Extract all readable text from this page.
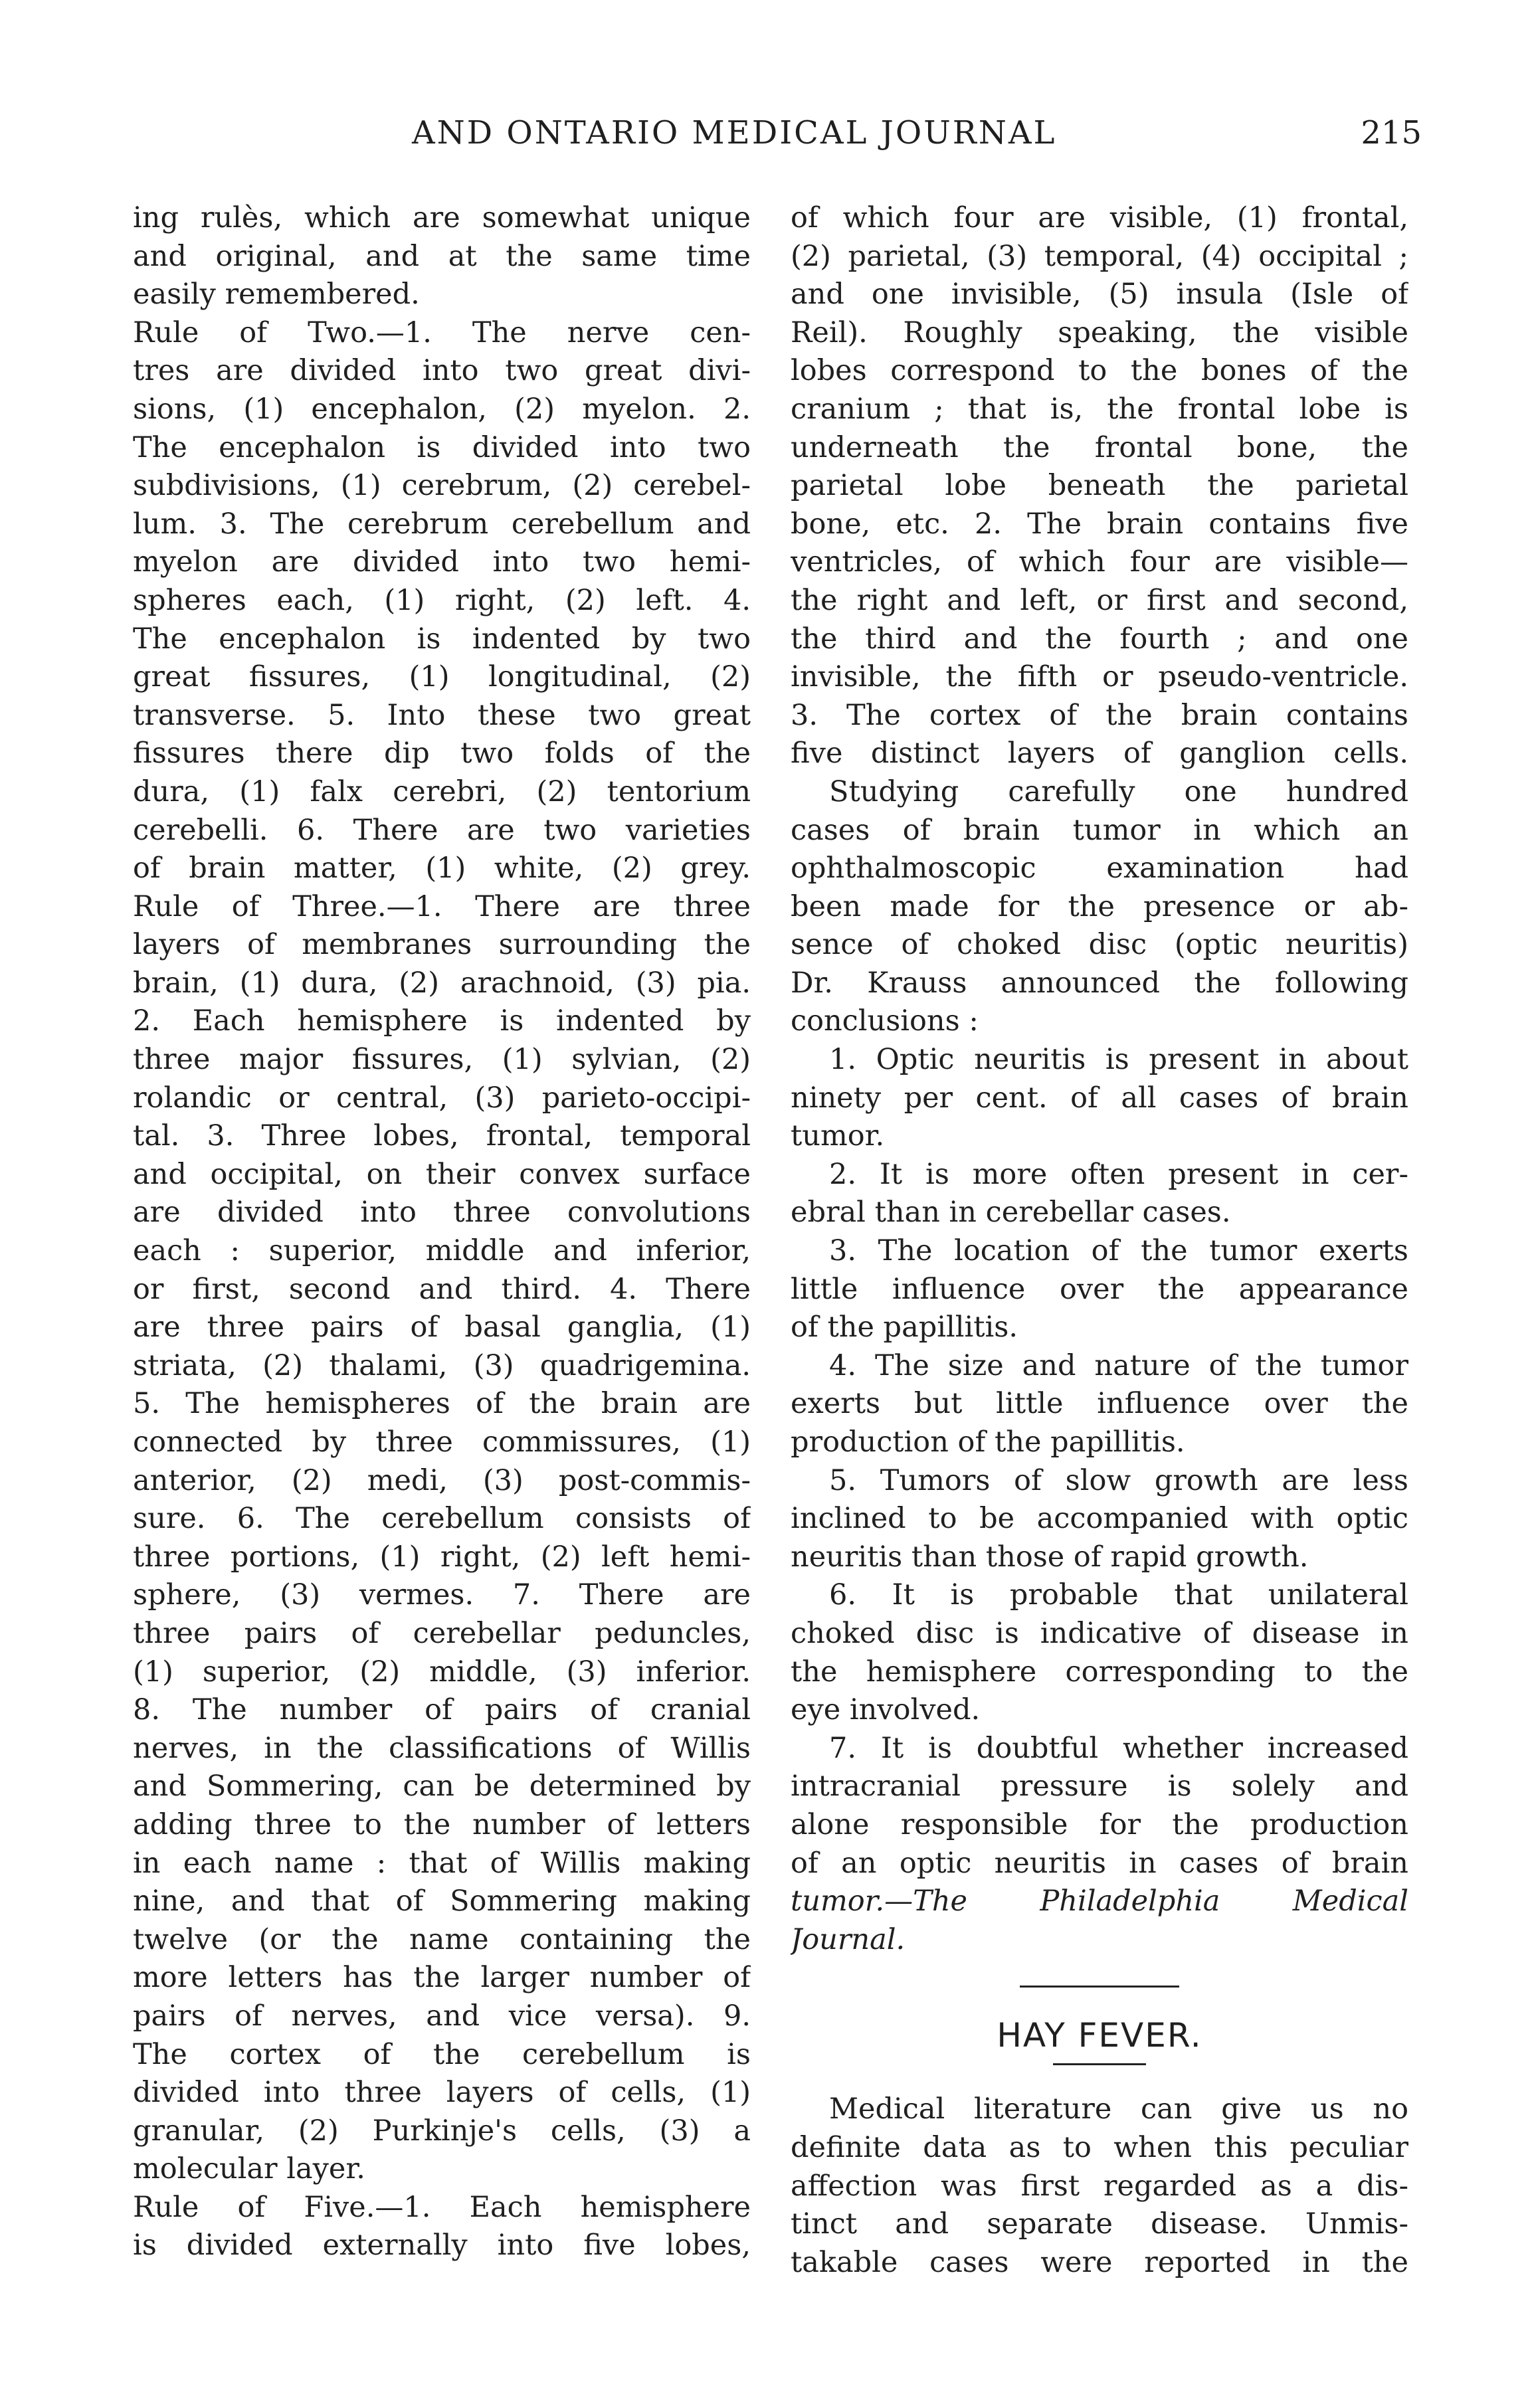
AND ONTARIO MEDICAL JOURNAL	215
ing rulès, which are somewhat unique
and original, and at the same time
easily remembered.
Rule of Two.—1. The nerve cen-
tres are divided into two great divi-
sions, (1) encephalon, (2) myelon. 2.
The encephalon is divided into two
subdivisions, (1) cerebrum, (2) cerebel-
lum. 3. The cerebrum cerebellum and
myelon are divided into two hemi-
spheres each, (1) right, (2) left. 4.
The encephalon is indented by two
great fissures, (1) longitudinal, (2)
transverse. 5. Into these two great
fissures there dip two folds of the
dura, (1) falx cerebri, (2) tentorium
cerebelli. 6. There are two varieties
of brain matter, (1) white, (2) grey.
Rule of Three.—1. There are three
layers of membranes surrounding the
brain, (1) dura, (2) arachnoid, (3) pia.
2. Each hemisphere is indented by
three major fissures, (1) sylvian, (2)
rolandic or central, (3) parieto-occipi-
tal. 3. Three lobes, frontal, temporal
and occipital, on their convex surface
are divided into three convolutions
each : superior, middle and inferior,
or first, second and third. 4. There
are three pairs of basal ganglia, (1)
striata, (2) thalami, (3) quadrigemina.
5. The hemispheres of the brain are
connected by three commissures, (1)
anterior, (2) medi, (3) post-commis-
sure. 6. The cerebellum consists of
three portions, (1) right, (2) left hemi-
sphere, (3) vermes. 7. There are
three pairs of cerebellar peduncles,
(1) superior, (2) middle, (3) inferior.
8. The number of pairs of cranial
nerves, in the classifications of Willis
and Sommering, can be determined by
adding three to the number of letters
in each name : that of Willis making
nine, and that of Sommering making
twelve (or the name containing the
more letters has the larger number of
pairs of nerves, and vice versa). 9.
The cortex of the cerebellum is
divided into three layers of cells, (1)
granular, (2) Purkinje's cells, (3) a
molecular layer.
Rule of Five.—1. Each hemisphere
is divided externally into five lobes,
of which four are visible, (1) frontal,
(2) parietal, (3) temporal, (4) occipital ;
and one invisible, (5) insula (Isle of
Reil). Roughly speaking, the visible
lobes correspond to the bones of the
cranium ; that is, the frontal lobe is
underneath the frontal bone, the
parietal lobe beneath the parietal
bone, etc. 2. The brain contains five
ventricles, of which four are visible—
the right and left, or first and second,
the third and the fourth ; and one
invisible, the fifth or pseudo-ventricle.
3. The cortex of the brain contains
five distinct layers of ganglion cells.
Studying carefully one hundred
cases of brain tumor in which an
ophthalmoscopic examination had
been made for the presence or ab-
sence of choked disc (optic neuritis)
Dr. Krauss announced the following
conclusions :
1. Optic neuritis is present in about
ninety per cent. of all cases of brain
tumor.
2. It is more often present in cer-
ebral than in cerebellar cases.
3. The location of the tumor exerts
little influence over the appearance
of the papillitis.
4. The size and nature of the tumor
exerts but little influence over the
production of the papillitis.
5. Tumors of slow growth are less
inclined to be accompanied with optic
neuritis than those of rapid growth.
6. It is probable that unilateral
choked disc is indicative of disease in
the hemisphere corresponding to the
eye involved.
7. It is doubtful whether increased
intracranial pressure is solely and
alone responsible for the production
of an optic neuritis in cases of brain
tumor.—The Philadelphia Medical
Journal.
HAY FEVER.
Medical literature can give us no
definite data as to when this peculiar
affection was first regarded as a dis-
tinct and separate disease. Unmis-
takable cases were reported in the
